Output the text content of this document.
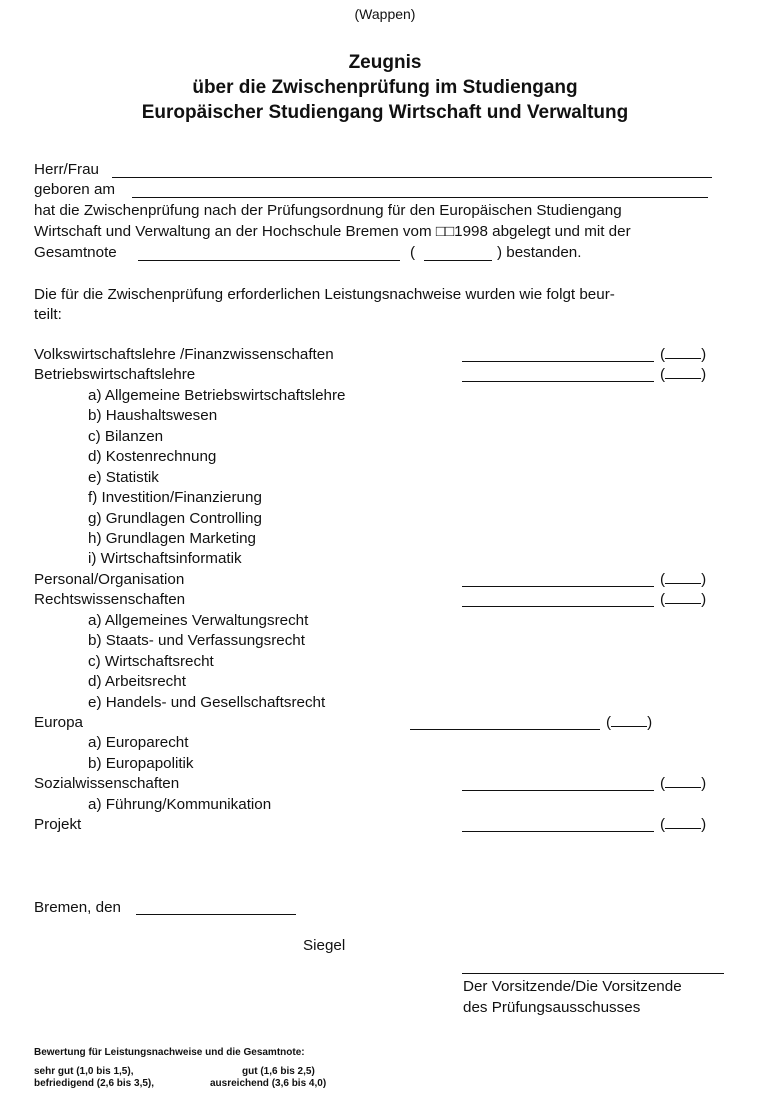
(Wappen)
Zeugnis
über die Zwischenprüfung im Studiengang
Europäischer Studiengang Wirtschaft und Verwaltung
Herr/Frau
geboren am
hat die Zwischenprüfung nach der Prüfungsordnung für den Europäischen Studiengang
Wirtschaft und Verwaltung an der Hochschule Bremen vom □□1998 abgelegt und mit der
Gesamtnote	(	) bestanden.
Die für die Zwischenprüfung erforderlichen Leistungsnachweise wurden wie folgt beur-
teilt:
Volkswirtschaftslehre /Finanzwissenschaften	( )
Betriebswirtschaftslehre	( )
a) Allgemeine Betriebswirtschaftslehre
b) Haushaltswesen
c) Bilanzen
d) Kostenrechnung
e) Statistik
f) Investition/Finanzierung
g) Grundlagen Controlling
h) Grundlagen Marketing
i) Wirtschaftsinformatik
Personal/Organisation	( )
Rechtswissenschaften	( )
a) Allgemeines Verwaltungsrecht
b) Staats- und Verfassungsrecht
c) Wirtschaftsrecht
d) Arbeitsrecht
e) Handels- und Gesellschaftsrecht
Europa	( )
a) Europarecht
b) Europapolitik
Sozialwissenschaften	( )
a) Führung/Kommunikation
Projekt	( )
Bremen, den
Siegel
Der Vorsitzende/Die Vorsitzende
des Prüfungsausschusses
Bewertung für Leistungsnachweise und die Gesamtnote:
sehr gut (1,0 bis 1,5),	gut (1,6 bis 2,5)
befriedigend (2,6 bis 3,5),	ausreichend (3,6 bis 4,0)
